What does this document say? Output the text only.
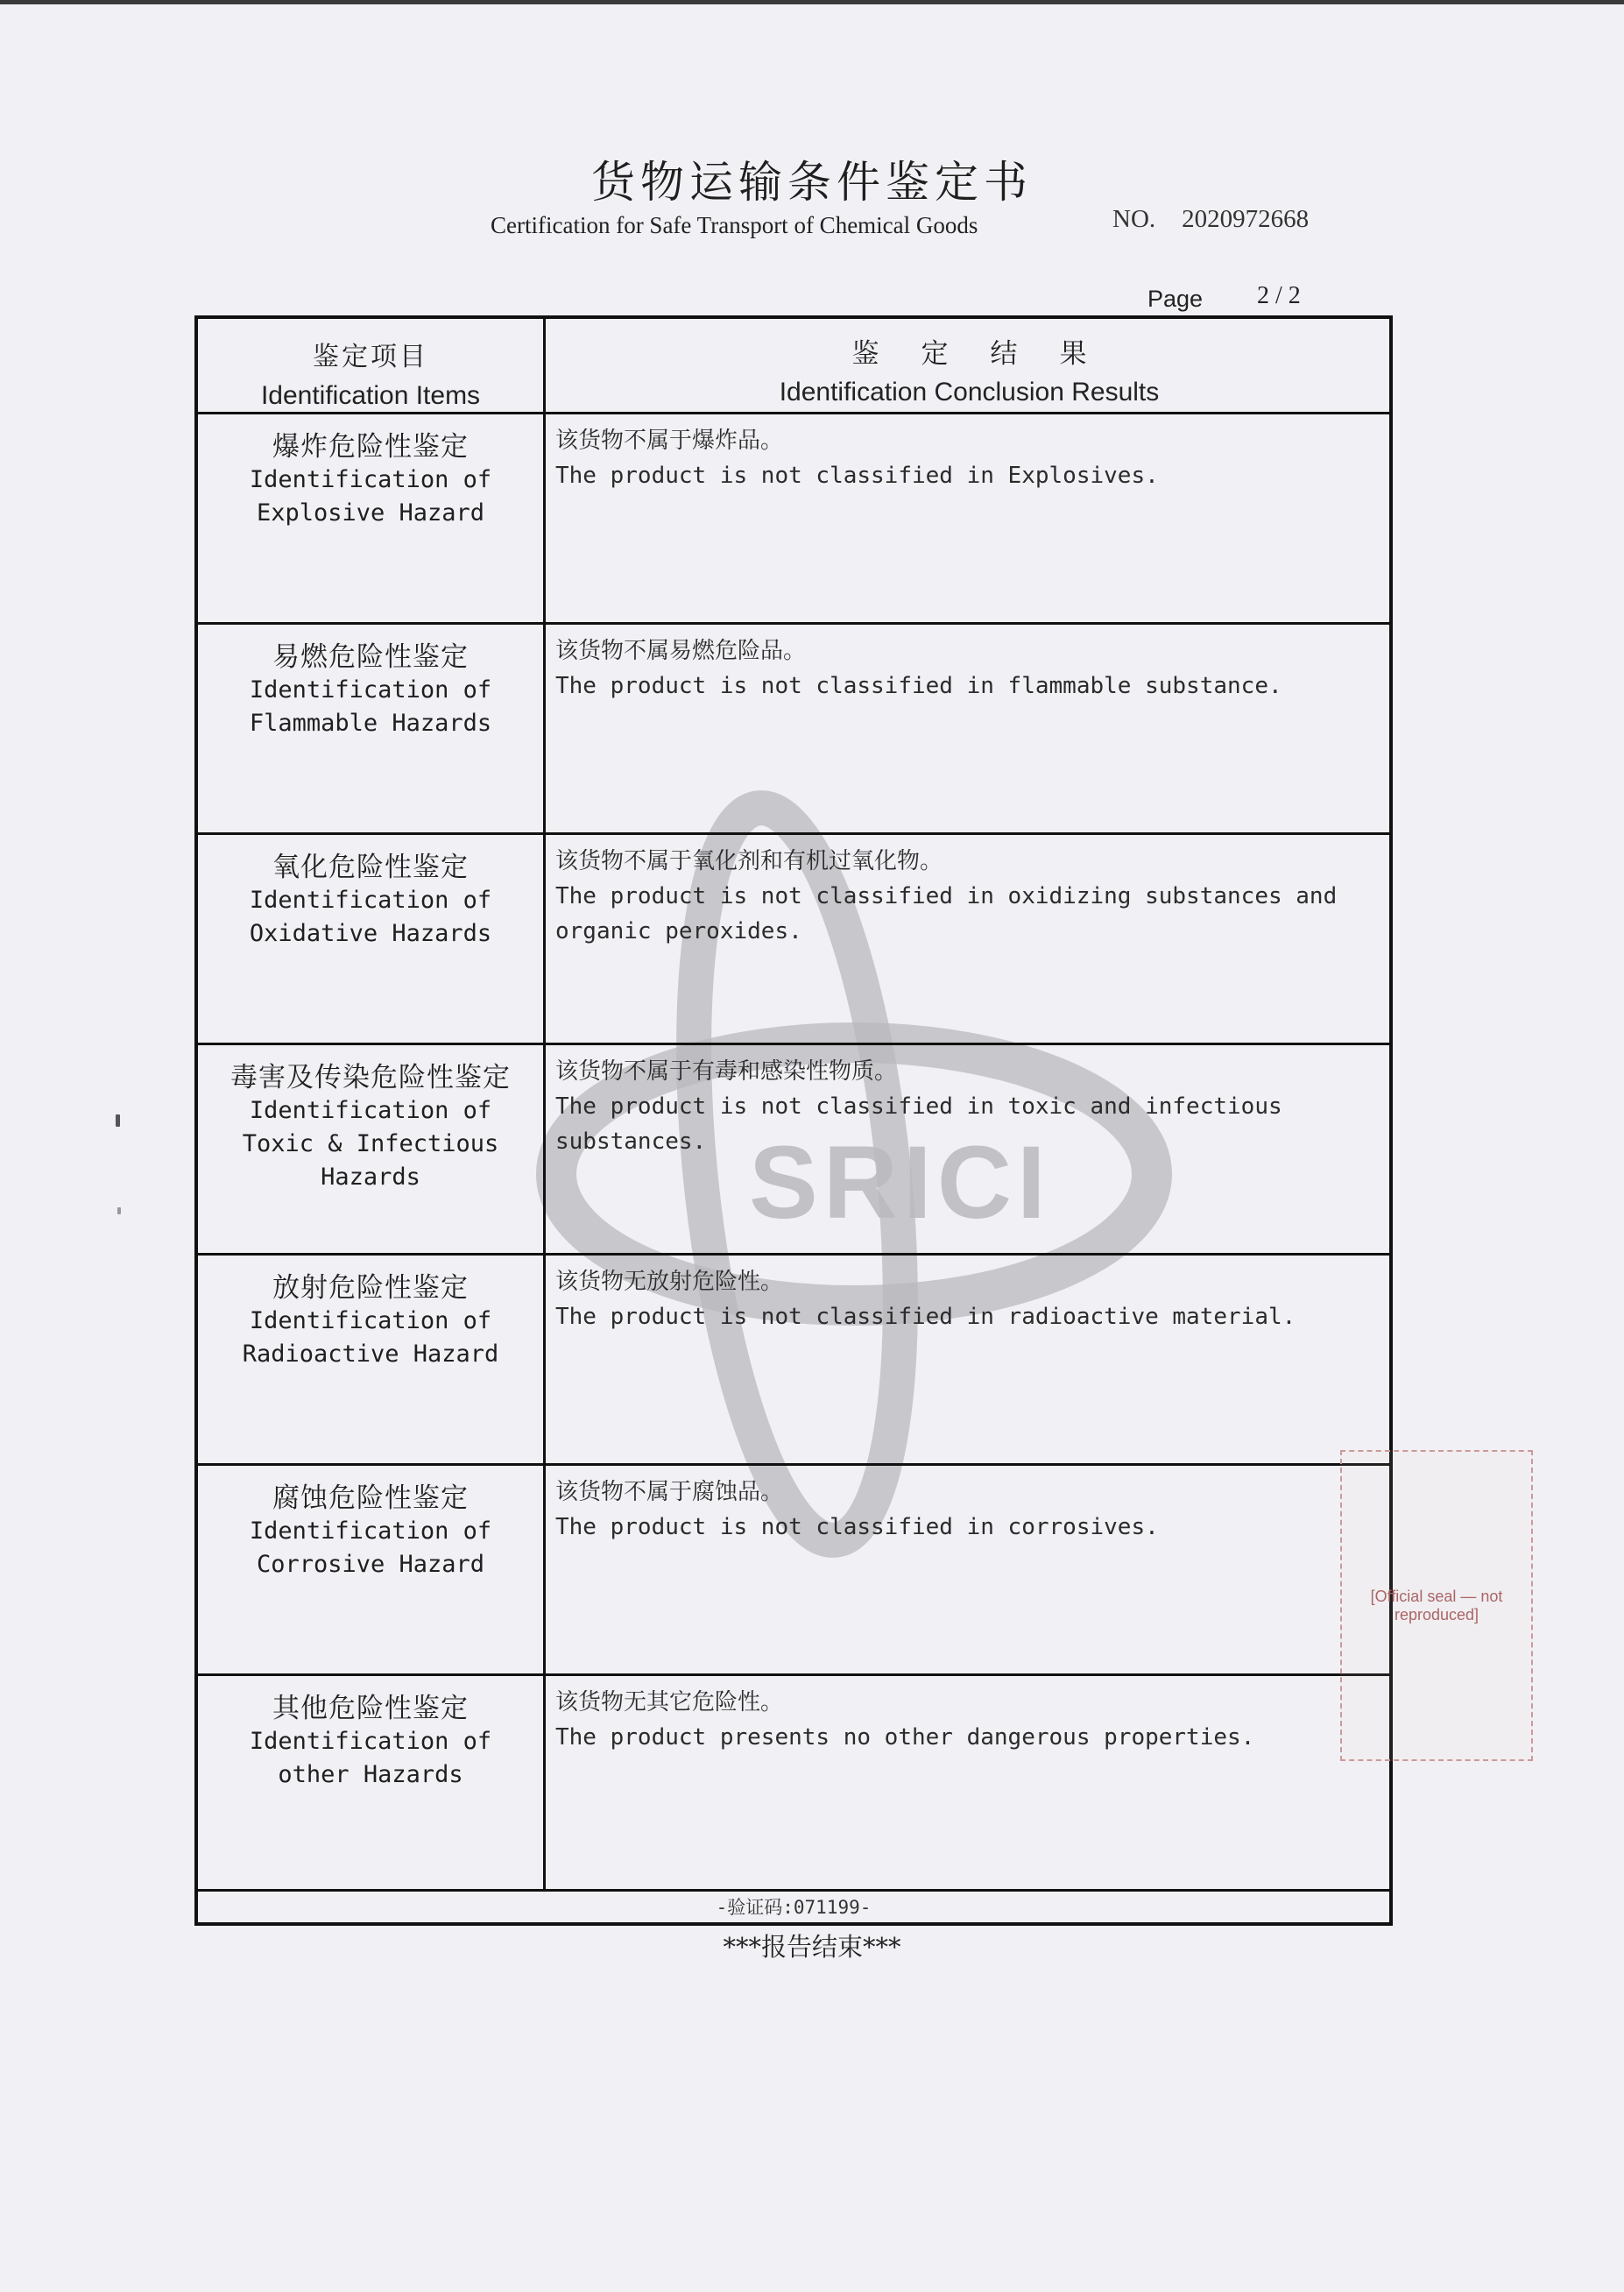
货物运输条件鉴定书
Certification for Safe Transport of Chemical Goods	NO. 2020972668
Page 2 / 2
SRICI
鉴定项目
Identification Items
鉴定结果
Identification Conclusion Results
爆炸危险性鉴定
Identification of
Explosive Hazard
该货物不属于爆炸品。
The product is not classified in Explosives.
易燃危险性鉴定
Identification of
Flammable Hazards
该货物不属易燃危险品。
The product is not classified in flammable substance.
氧化危险性鉴定
Identification of
Oxidative Hazards
该货物不属于氧化剂和有机过氧化物。
The product is not classified in oxidizing substances and
organic peroxides.
毒害及传染危险性鉴定
Identification of
Toxic & Infectious
Hazards
该货物不属于有毒和感染性物质。
The product is not classified in toxic and infectious
substances.
放射危险性鉴定
Identification of
Radioactive Hazard
该货物无放射危险性。
The product is not classified in radioactive material.
腐蚀危险性鉴定
Identification of
Corrosive Hazard
该货物不属于腐蚀品。
The product is not classified in corrosives.
其他危险性鉴定
Identification of
other Hazards
该货物无其它危险性。
The product presents no other dangerous properties.
-验证码:071199-
***报告结束***
[Official seal — not reproduced]
